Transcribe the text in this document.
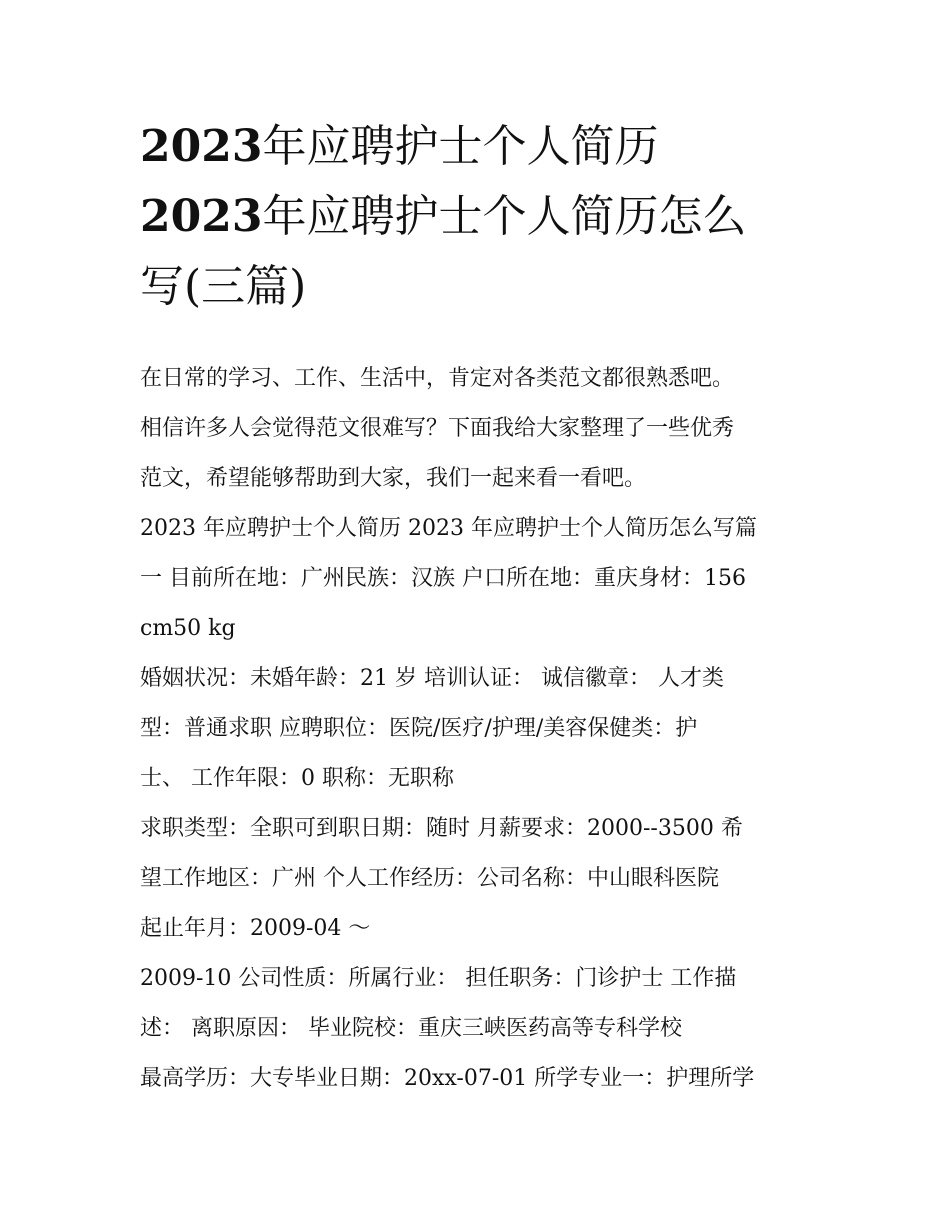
2023年应聘护士个人简历
2023年应聘护士个人简历怎么
写(三篇)

在日常的学习、工作、生活中，肯定对各类范文都很熟悉吧。
相信许多人会觉得范文很难写？下面我给大家整理了一些优秀
范文，希望能够帮助到大家，我们一起来看一看吧。

2023 年应聘护士个人简历 2023 年应聘护士个人简历怎么写篇
一 目前所在地：广州民族：汉族 户口所在地：重庆身材：156
cm50 kg

婚姻状况：未婚年龄：21 岁 培训认证： 诚信徽章： 人才类
型：普通求职 应聘职位：医院/医疗/护理/美容保健类：护
士、 工作年限：0 职称：无职称

求职类型：全职可到职日期：随时 月薪要求：2000--3500 希
望工作地区：广州 个人工作经历：公司名称：中山眼科医院
起止年月：2009-04 ～

2009-10 公司性质：所属行业： 担任职务：门诊护士 工作描
述： 离职原因： 毕业院校：重庆三峡医药高等专科学校

最高学历：大专毕业日期：20xx-07-01 所学专业一：护理所学
